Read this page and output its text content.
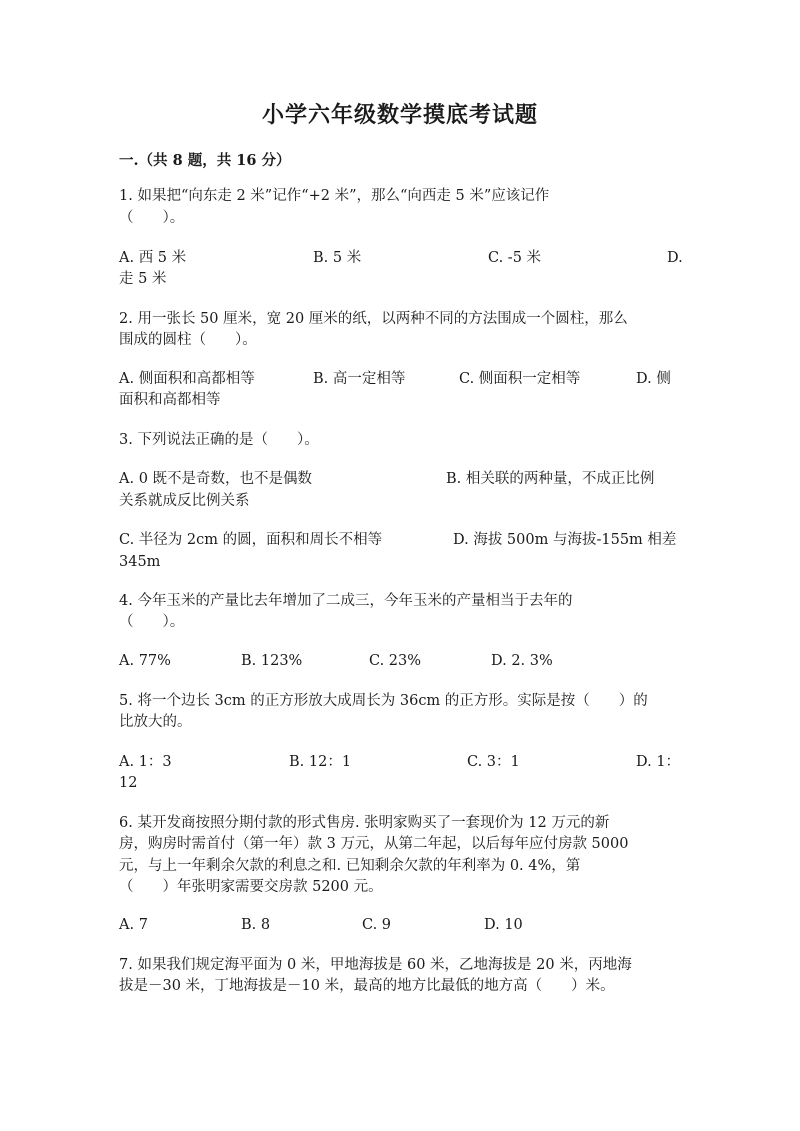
小学六年级数学摸底考试题
一.（共 8 题，共 16 分）
1. 如果把“向东走 2 米”记作“+2 米”，那么“向西走 5 米”应该记作
（　　）。
A. 西 5 米	B. 5 米	C. -5 米	D.
走 5 米
2. 用一张长 50 厘米，宽 20 厘米的纸，以两种不同的方法围成一个圆柱，那么
围成的圆柱（　　）。
A. 侧面积和高都相等	B. 高一定相等	C. 侧面积一定相等	D. 侧
面积和高都相等
3. 下列说法正确的是（　　）。
A. 0 既不是奇数，也不是偶数	B. 相关联的两种量，不成正比例
关系就成反比例关系
C. 半径为 2cm 的圆，面积和周长不相等	D. 海拔 500m 与海拔-155m 相差
345m
4. 今年玉米的产量比去年增加了二成三，今年玉米的产量相当于去年的
（　　）。
A. 77%	B. 123%	C. 23%	D. 2. 3%
5. 将一个边长 3cm 的正方形放大成周长为 36cm 的正方形。实际是按（　　）的
比放大的。
A. 1：3	B. 12：1	C. 3：1	D. 1：
12
6. 某开发商按照分期付款的形式售房. 张明家购买了一套现价为 12 万元的新
房，购房时需首付（第一年）款 3 万元，从第二年起，以后每年应付房款 5000
元，与上一年剩余欠款的利息之和. 已知剩余欠款的年利率为 0. 4%，第
（　　）年张明家需要交房款 5200 元。
A. 7	B. 8	C. 9	D. 10
7. 如果我们规定海平面为 0 米，甲地海拔是 60 米，乙地海拔是 20 米，丙地海
拔是－30 米，丁地海拔是－10 米，最高的地方比最低的地方高（　　）米。
